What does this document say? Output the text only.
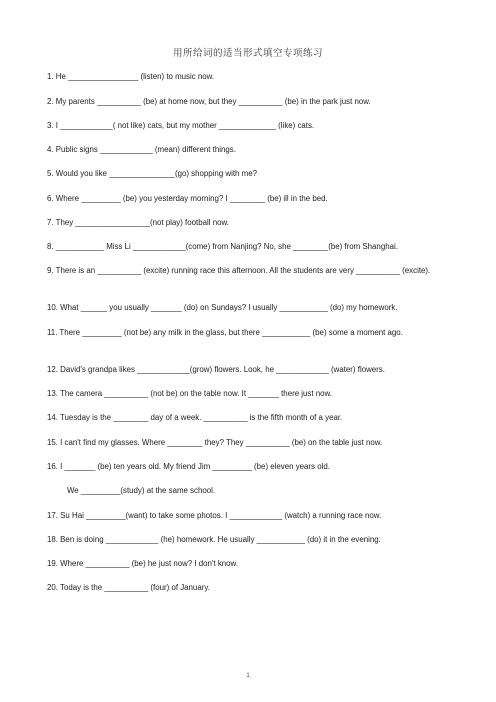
用所给词的适当形式填空专项练习
1. He ________________ (listen) to music now.
2. My parents __________ (be) at home now, but they __________ (be) in the park just now.
3. I ____________( not like) cats, but my mother _____________ (like) cats.
4. Public signs ____________ (mean) different things.
5. Would you like _______________(go) shopping with me?
6. Where _________ (be) you yesterday morning? I ________ (be) ill in the bed.
7. They _________________(not play) football now.
8. ___________ Miss Li ____________(come) from Nanjing? No, she ________(be) from Shanghai.
9. There is an __________ (excite) running race this afternoon. All the students are very __________ (excite).
10. What ______ you usually _______ (do) on Sundays? I usually ___________ (do) my homework.
11. There _________ (not be) any milk in the glass, but there ___________ (be) some a moment ago.
12. David's grandpa likes ____________(grow) flowers. Look, he ____________ (water) flowers.
13. The camera __________ (not be) on the table now. It _______ there just now.
14. Tuesday is the ________ day of a week. __________ is the fifth month of a year.
15. I can't find my glasses. Where ________ they? They __________ (be) on the table just now.
16. I _______ (be) ten years old. My friend Jim _________ (be) eleven years old.
We _________(study) at the same school.
17. Su Hai _________(want) to take some photos. I ____________ (watch) a running race now.
18. Ben is doing ____________ (he) homework. He usually ___________ (do) it in the evening.
19. Where __________ (be) he just now? I don't know.
20. Today is the __________ (four) of January.
1
